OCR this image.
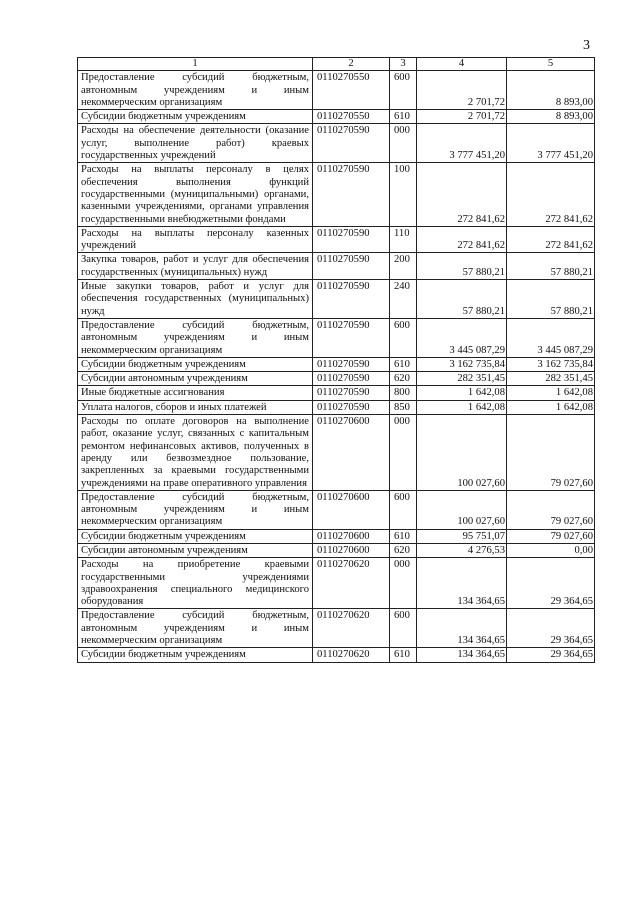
3
1	2	3	4	5
Предоставление субсидий бюджетным, автономным учреждениям и иным некоммерческим организациям	0110270550	600	2 701,72	8 893,00
Субсидии бюджетным учреждениям	0110270550	610	2 701,72	8 893,00
Расходы на обеспечение деятельности (оказание услуг, выполнение работ) краевых государственных учреждений	0110270590	000	3 777 451,20	3 777 451,20
Расходы на выплаты персоналу в целях обеспечения выполнения функций государственными (муниципальными) органами, казенными учреждениями, органами управления государственными внебюджетными фондами	0110270590	100	272 841,62	272 841,62
Расходы на выплаты персоналу казенных учреждений	0110270590	110	272 841,62	272 841,62
Закупка товаров, работ и услуг для обеспечения государственных (муниципальных) нужд	0110270590	200	57 880,21	57 880,21
Иные закупки товаров, работ и услуг для обеспечения государственных (муниципальных) нужд	0110270590	240	57 880,21	57 880,21
Предоставление субсидий бюджетным, автономным учреждениям и иным некоммерческим организациям	0110270590	600	3 445 087,29	3 445 087,29
Субсидии бюджетным учреждениям	0110270590	610	3 162 735,84	3 162 735,84
Субсидии автономным учреждениям	0110270590	620	282 351,45	282 351,45
Иные бюджетные ассигнования	0110270590	800	1 642,08	1 642,08
Уплата налогов, сборов и иных платежей	0110270590	850	1 642,08	1 642,08
Расходы по оплате договоров на выполнение работ, оказание услуг, связанных с капитальным ремонтом нефинансовых активов, полученных в аренду или безвозмездное пользование, закрепленных за краевыми государственными учреждениями на праве оперативного управления	0110270600	000	100 027,60	79 027,60
Предоставление субсидий бюджетным, автономным учреждениям и иным некоммерческим организациям	0110270600	600	100 027,60	79 027,60
Субсидии бюджетным учреждениям	0110270600	610	95 751,07	79 027,60
Субсидии автономным учреждениям	0110270600	620	4 276,53	0,00
Расходы на приобретение краевыми государственными учреждениями здравоохранения специального медицинского оборудования	0110270620	000	134 364,65	29 364,65
Предоставление субсидий бюджетным, автономным учреждениям и иным некоммерческим организациям	0110270620	600	134 364,65	29 364,65
Субсидии бюджетным учреждениям	0110270620	610	134 364,65	29 364,65
